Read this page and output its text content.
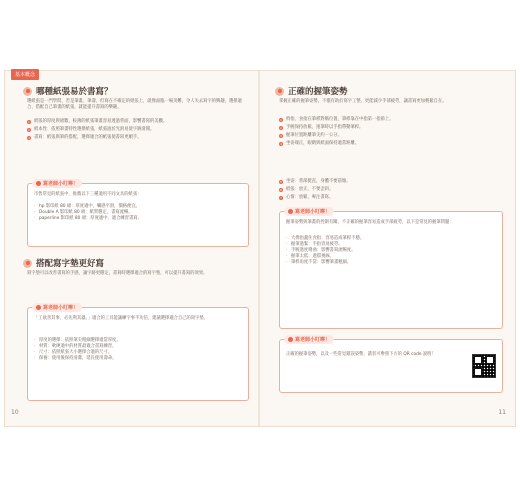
基本概念
哪種紙張易於書寫？
選紙張是一門學問，若是筆畫、筆壽、但寫在不確定的紙張上，就像面臨一場災難，令人失去寫字的興趣，選擇適合、搭配自己筆畫的紙張，就能提升書寫的樂趣。
1 紙張的厚度與磅數，較薄的紙張筆畫容易透過背面，影響書寫的美觀。
2 紙本性：依照筆畫特性選擇紙張，紙張過於光滑易使字跡滑開。
3 書寫：紙張與筆的搭配，選擇適合的紙張使書寫更順手。
寫老師小叮嚀！
市售常見的紙張中，推薦以下三種適用不同文具的紙張：
· hp 影印紙 80 磅：厚度適中，觸感平滑，價格便宜。
· Double A 影印紙 80 磅：紙質穩定，書寫流暢。
· paperline 影印紙 80 磅：厚度適中，適合練習書寫。
搭配寫字墊更好寫
寫字墊可以改善書寫的手感，讓字跡更穩定，書寫時選擇適合的寫字墊，可以提升書寫的效果。
寫老師小叮嚀！
「工欲善其事，必先利其器。」適合的工具能讓練字事半功倍，建議選擇適合自己的寫字墊。
· 厚度的選擇：依照筆尖粗細選擇適當厚度。
· 材質：軟硬適中的材質最適合書寫練習。
· 尺寸：依照紙張大小選擇合適的尺寸。
· 保養：使用後保持清潔，延長使用壽命。
10
正確的握筆姿勢
掌握正確的握筆姿勢，不僅有助於寫字工整，更能減少手部疲勞，讓書寫更加輕鬆自在。
1 拇指、食指在筆桿對稱位置，筆桿靠在中指第一指節上。
2 手腕保持放鬆，運筆時以手指帶動筆桿。
3 握筆位置距離筆尖約一公分。
4 坐姿端正，眼睛與紙面保持適當距離。
5 坐姿：背部挺直，身體不要前傾。
6 紙張：放正，不要歪斜。
7 心情：放鬆，專注書寫。
寫老師小叮嚀！
握筆姿勢與筆畫的控制有關，不正確的握筆容易造成手部疲勞，以下是常見的握筆問題：
· 大拇指蓋住食指：容易造成筆桿不穩。
· 握筆過緊：手指容易疲勞。
· 手腕過度彎曲：影響書寫流暢度。
· 握筆太低：遮擋視線。
· 筆桿角度不當：影響筆畫粗細。
寫老師小叮嚀！
正確的握筆姿勢，以及一些常見錯誤姿勢，讀者可參照下方的 QR code 說明！
11
